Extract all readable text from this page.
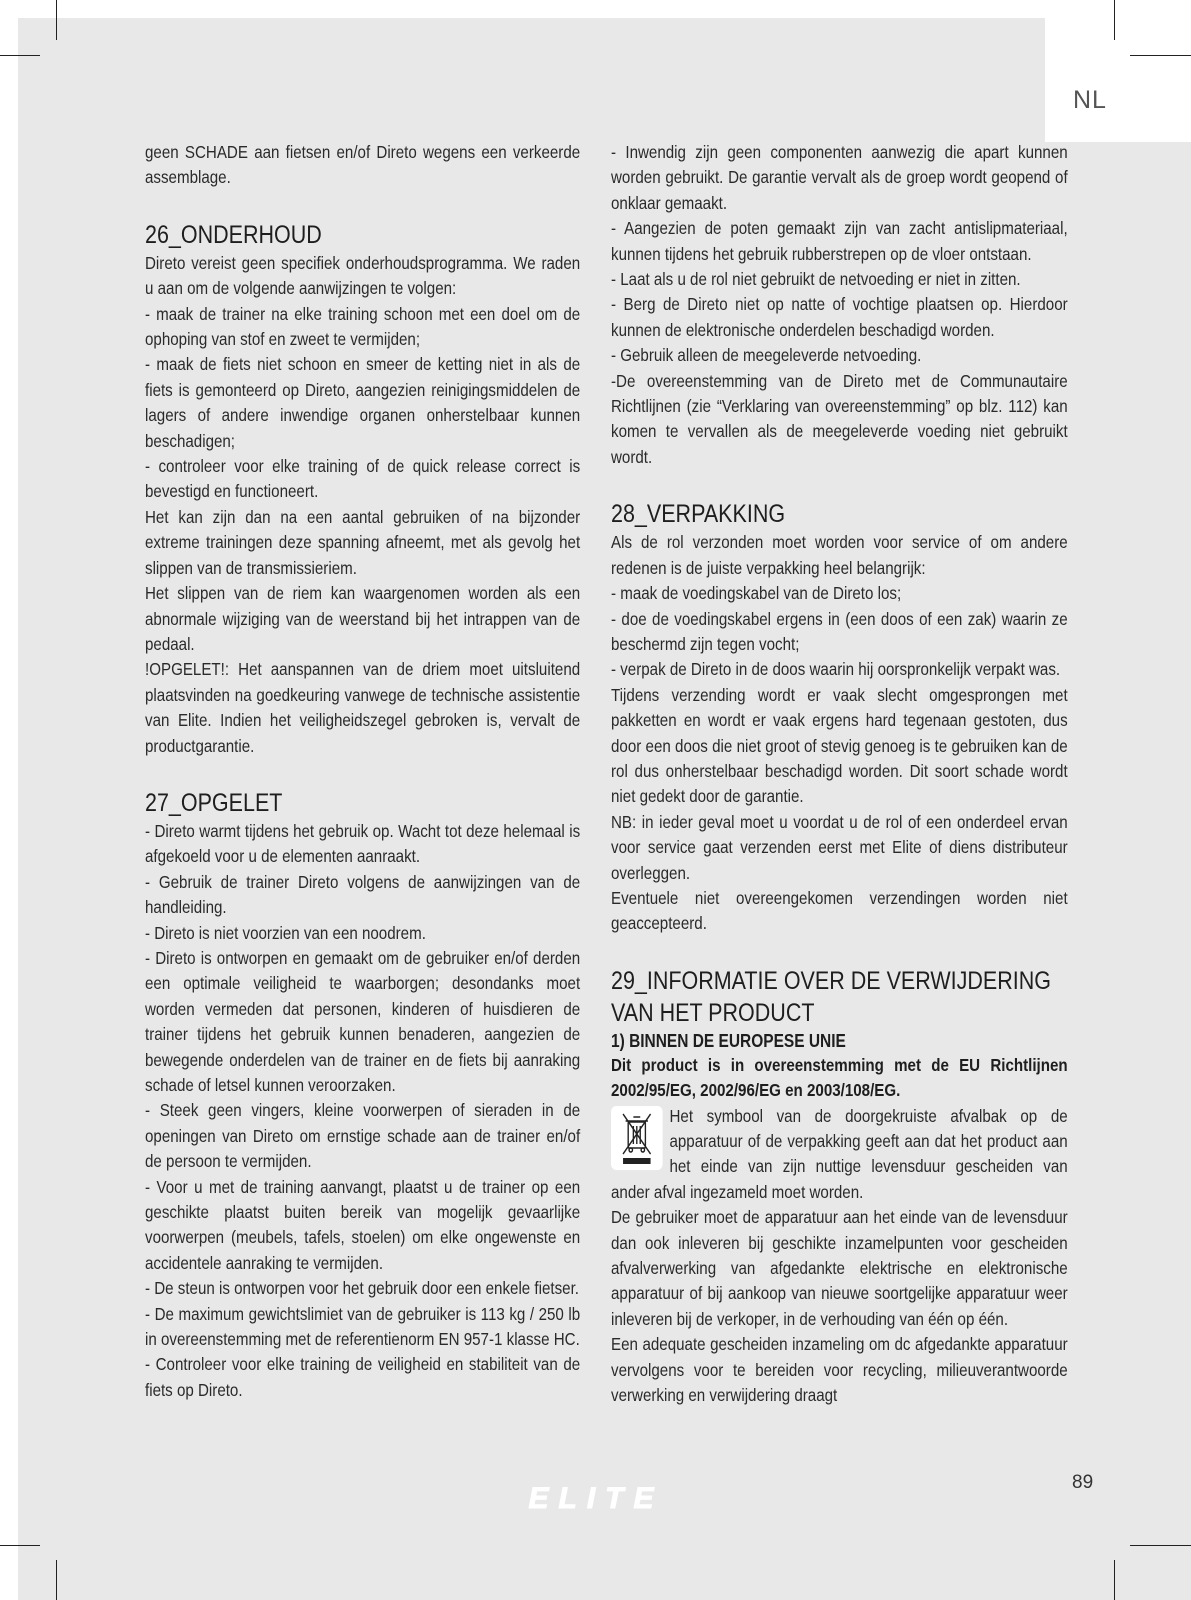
NL

geen SCHADE aan fietsen en/of Direto wegens een verkeerde assemblage.

26_ONDERHOUD

Direto vereist geen specifiek onderhoudsprogramma. We raden u aan om de volgende aanwijzingen te volgen:

- maak de trainer na elke training schoon met een doel om de ophoping van stof en zweet te vermijden;

- maak de fiets niet schoon en smeer de ketting niet in als de fiets is gemonteerd op Direto, aangezien reinigingsmiddelen de lagers of andere inwendige organen onherstelbaar kunnen beschadigen;

- controleer voor elke training of de quick release correct is bevestigd en functioneert.

Het kan zijn dan na een aantal gebruiken of na bijzonder extreme trainingen deze spanning afneemt, met als gevolg het slippen van de transmissieriem.

Het slippen van de riem kan waargenomen worden als een abnormale wijziging van de weerstand bij het intrappen van de pedaal.

!OPGELET!: Het aanspannen van de driem moet uitsluitend plaatsvinden na goedkeuring vanwege de technische assistentie van Elite. Indien het veiligheidszegel gebroken is, vervalt de productgarantie.

27_OPGELET

- Direto warmt tijdens het gebruik op. Wacht tot deze helemaal is afgekoeld voor u de elementen aanraakt.

- Gebruik de trainer Direto volgens de aanwijzingen van de handleiding.

- Direto is niet voorzien van een noodrem.

- Direto is ontworpen en gemaakt om de gebruiker en/of derden een optimale veiligheid te waarborgen; desondanks moet worden vermeden dat personen, kinderen of huisdieren de trainer tijdens het gebruik kunnen benaderen, aangezien de bewegende onderdelen van de trainer en de fiets bij aanraking schade of letsel kunnen veroorzaken.

- Steek geen vingers, kleine voorwerpen of sieraden in de openingen van Direto om ernstige schade aan de trainer en/of de persoon te vermijden.

- Voor u met de training aanvangt, plaatst u de trainer op een geschikte plaatst buiten bereik van mogelijk gevaarlijke voorwerpen (meubels, tafels, stoelen) om elke ongewenste en accidentele aanraking te vermijden.

- De steun is ontworpen voor het gebruik door een enkele fietser.

- De maximum gewichtslimiet van de gebruiker is 113 kg / 250 lb in overeenstemming met de referentienorm EN 957-1 klasse HC.

- Controleer voor elke training de veiligheid en stabiliteit van de fiets op Direto.

- Inwendig zijn geen componenten aanwezig die apart kunnen worden gebruikt. De garantie vervalt als de groep wordt geopend of onklaar gemaakt.

- Aangezien de poten gemaakt zijn van zacht antislipmateriaal, kunnen tijdens het gebruik rubberstrepen op de vloer ontstaan.

- Laat als u de rol niet gebruikt de netvoeding er niet in zitten.

- Berg de Direto niet op natte of vochtige plaatsen op. Hierdoor kunnen de elektronische onderdelen beschadigd worden.

- Gebruik alleen de meegeleverde netvoeding.

-De overeenstemming van de Direto met de Communautaire Richtlijnen (zie “Verklaring van overeenstemming” op blz. 112) kan komen te vervallen als de meegeleverde voeding niet gebruikt wordt.

28_VERPAKKING

Als de rol verzonden moet worden voor service of om andere redenen is de juiste verpakking heel belangrijk:

- maak de voedingskabel van de Direto los;

- doe de voedingskabel ergens in (een doos of een zak) waarin ze beschermd zijn tegen vocht;

- verpak de Direto in de doos waarin hij oorspronkelijk verpakt was.

Tijdens verzending wordt er vaak slecht omgesprongen met pakketten en wordt er vaak ergens hard tegenaan gestoten, dus door een doos die niet groot of stevig genoeg is te gebruiken kan de rol dus onherstelbaar beschadigd worden. Dit soort schade wordt niet gedekt door de garantie.

NB: in ieder geval moet u voordat u de rol of een onderdeel ervan voor service gaat verzenden eerst met Elite of diens distributeur overleggen.

Eventuele niet overeengekomen verzendingen worden niet geaccepteerd.

29_INFORMATIE OVER DE VERWIJDERING VAN HET PRODUCT
1) BINNEN DE EUROPESE UNIE

Dit product is in overeenstemming met de EU Richtlijnen 2002/95/EG, 2002/96/EG en 2003/108/EG.

Het symbool van de doorgekruiste afvalbak op de apparatuur of de verpakking geeft aan dat het product aan het einde van zijn nuttige levensduur gescheiden van ander afval ingezameld moet worden.

De gebruiker moet de apparatuur aan het einde van de levensduur dan ook inleveren bij geschikte inzamelpunten voor gescheiden afvalverwerking van afgedankte elektrische en elektronische apparatuur of bij aankoop van nieuwe soortgelijke apparatuur weer inleveren bij de verkoper, in de verhouding van één op één.

Een adequate gescheiden inzameling om dc afgedankte apparatuur vervolgens voor te bereiden voor recycling, milieuverantwoorde verwerking en verwijdering draagt

ELITE	89
